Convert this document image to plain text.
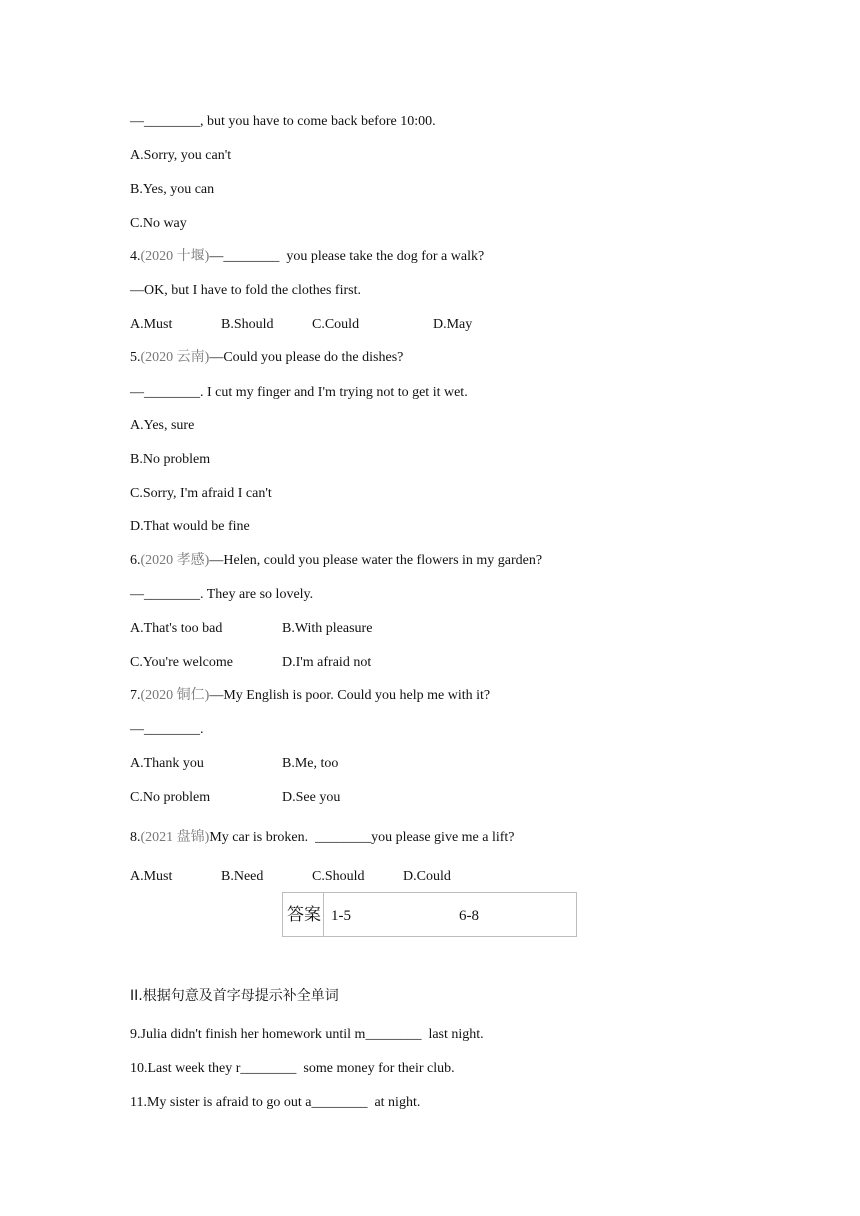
—________, but you have to come back before 10:00.
A.Sorry, you can't
B.Yes, you can
C.No way
4.(2020 十堰)—________  you please take the dog for a walk?
—OK, but I have to fold the clothes first.
A.Must	B.Should	C.Could	D.May
5.(2020 云南)—Could you please do the dishes?
—________. I cut my finger and I'm trying not to get it wet.
A.Yes, sure
B.No problem
C.Sorry, I'm afraid I can't
D.That would be fine
6.(2020 孝感)—Helen, could you please water the flowers in my garden?
—________. They are so lovely.
A.That's too bad	B.With pleasure
C.You're welcome	D.I'm afraid not
7.(2020 铜仁)—My English is poor. Could you help me with it?
—________.
A.Thank you	B.Me, too
C.No problem	D.See you
8.(2021 盘锦)My car is broken.  ________you please give me a lift?
A.Must	B.Need	C.Should	D.Could
答案 1-5	6-8
II.根据句意及首字母提示补全单词
9.Julia didn't finish her homework until m________  last night.
10.Last week they r________  some money for their club.
11.My sister is afraid to go out a________  at night.
